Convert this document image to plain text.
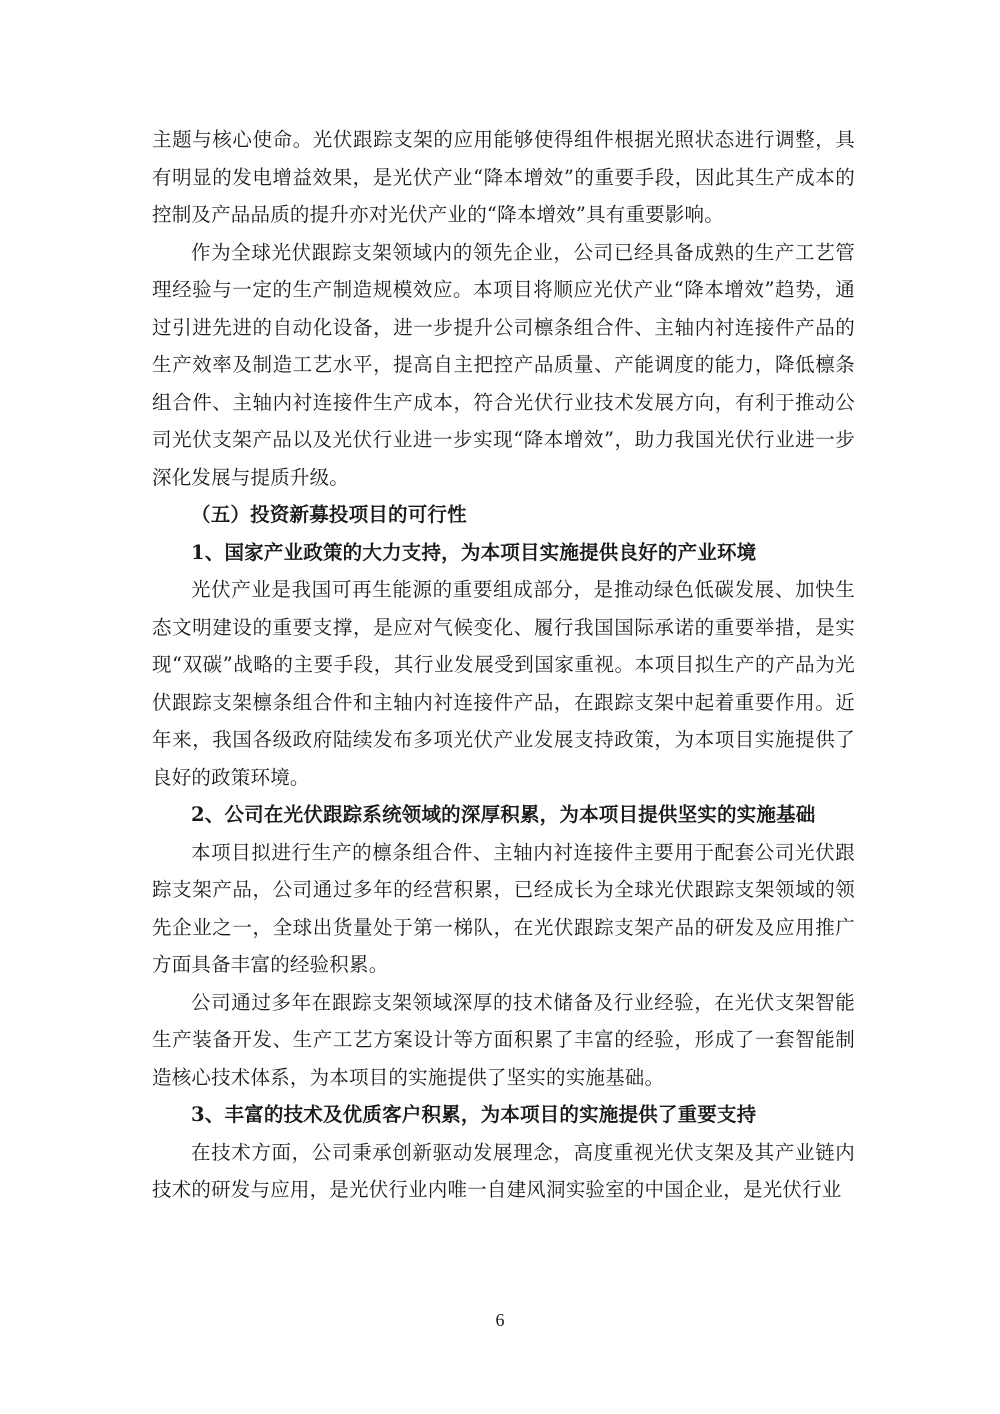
主题与核心使命。光伏跟踪支架的应用能够使得组件根据光照状态进行调整，具有明显的发电增益效果，是光伏产业“降本增效”的重要手段，因此其生产成本的控制及产品品质的提升亦对光伏产业的“降本增效”具有重要影响。

作为全球光伏跟踪支架领域内的领先企业，公司已经具备成熟的生产工艺管理经验与一定的生产制造规模效应。本项目将顺应光伏产业“降本增效”趋势，通过引进先进的自动化设备，进一步提升公司檩条组合件、主轴内衬连接件产品的生产效率及制造工艺水平，提高自主把控产品质量、产能调度的能力，降低檩条组合件、主轴内衬连接件生产成本，符合光伏行业技术发展方向，有利于推动公司光伏支架产品以及光伏行业进一步实现“降本增效”，助力我国光伏行业进一步深化发展与提质升级。

（五）投资新募投项目的可行性

1、国家产业政策的大力支持，为本项目实施提供良好的产业环境

光伏产业是我国可再生能源的重要组成部分，是推动绿色低碳发展、加快生态文明建设的重要支撑，是应对气候变化、履行我国国际承诺的重要举措，是实现“双碳”战略的主要手段，其行业发展受到国家重视。本项目拟生产的产品为光伏跟踪支架檩条组合件和主轴内衬连接件产品，在跟踪支架中起着重要作用。近年来，我国各级政府陆续发布多项光伏产业发展支持政策，为本项目实施提供了良好的政策环境。

2、公司在光伏跟踪系统领域的深厚积累，为本项目提供坚实的实施基础

本项目拟进行生产的檩条组合件、主轴内衬连接件主要用于配套公司光伏跟踪支架产品，公司通过多年的经营积累，已经成长为全球光伏跟踪支架领域的领先企业之一，全球出货量处于第一梯队，在光伏跟踪支架产品的研发及应用推广方面具备丰富的经验积累。

公司通过多年在跟踪支架领域深厚的技术储备及行业经验，在光伏支架智能生产装备开发、生产工艺方案设计等方面积累了丰富的经验，形成了一套智能制造核心技术体系，为本项目的实施提供了坚实的实施基础。

3、丰富的技术及优质客户积累，为本项目的实施提供了重要支持

在技术方面，公司秉承创新驱动发展理念，高度重视光伏支架及其产业链内技术的研发与应用，是光伏行业内唯一自建风洞实验室的中国企业，是光伏行业

6
